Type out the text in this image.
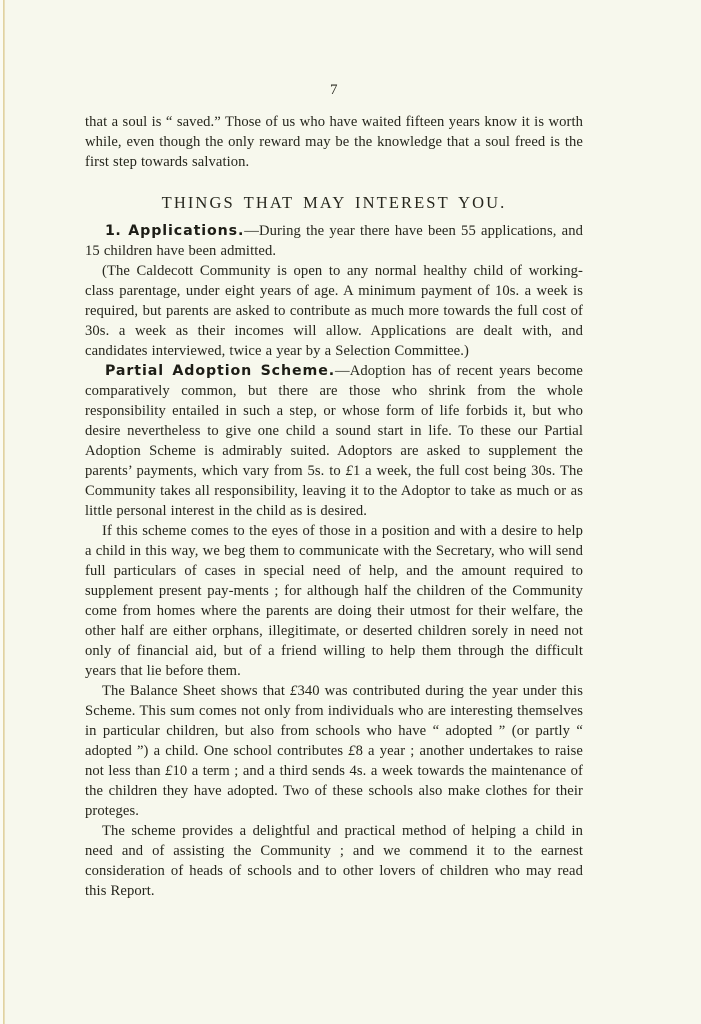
7

that a soul is “ saved.” Those of us who have waited fifteen years know it is worth while, even though the only reward may be the knowledge that a soul freed is the first step towards salvation.

THINGS THAT MAY INTEREST YOU.

1. Applications.—During the year there have been 55 applications, and 15 children have been admitted.

(The Caldecott Community is open to any normal healthy child of working-class parentage, under eight years of age. A minimum payment of 10s. a week is required, but parents are asked to contribute as much more towards the full cost of 30s. a week as their incomes will allow. Applications are dealt with, and candidates interviewed, twice a year by a Selection Committee.)

Partial Adoption Scheme.—Adoption has of recent years become comparatively common, but there are those who shrink from the whole responsibility entailed in such a step, or whose form of life forbids it, but who desire nevertheless to give one child a sound start in life. To these our Partial Adoption Scheme is admirably suited. Adoptors are asked to supplement the parents’ payments, which vary from 5s. to £1 a week, the full cost being 30s. The Community takes all responsibility, leaving it to the Adoptor to take as much or as little personal interest in the child as is desired.

If this scheme comes to the eyes of those in a position and with a desire to help a child in this way, we beg them to communicate with the Secretary, who will send full particulars of cases in special need of help, and the amount required to supplement present pay-ments ; for although half the children of the Community come from homes where the parents are doing their utmost for their welfare, the other half are either orphans, illegitimate, or deserted children sorely in need not only of financial aid, but of a friend willing to help them through the difficult years that lie before them.

The Balance Sheet shows that £340 was contributed during the year under this Scheme. This sum comes not only from individuals who are interesting themselves in particular children, but also from schools who have “ adopted ” (or partly “ adopted ”) a child. One school contributes £8 a year ; another undertakes to raise not less than £10 a term ; and a third sends 4s. a week towards the maintenance of the children they have adopted. Two of these schools also make clothes for their proteges.

The scheme provides a delightful and practical method of helping a child in need and of assisting the Community ; and we commend it to the earnest consideration of heads of schools and to other lovers of children who may read this Report.
